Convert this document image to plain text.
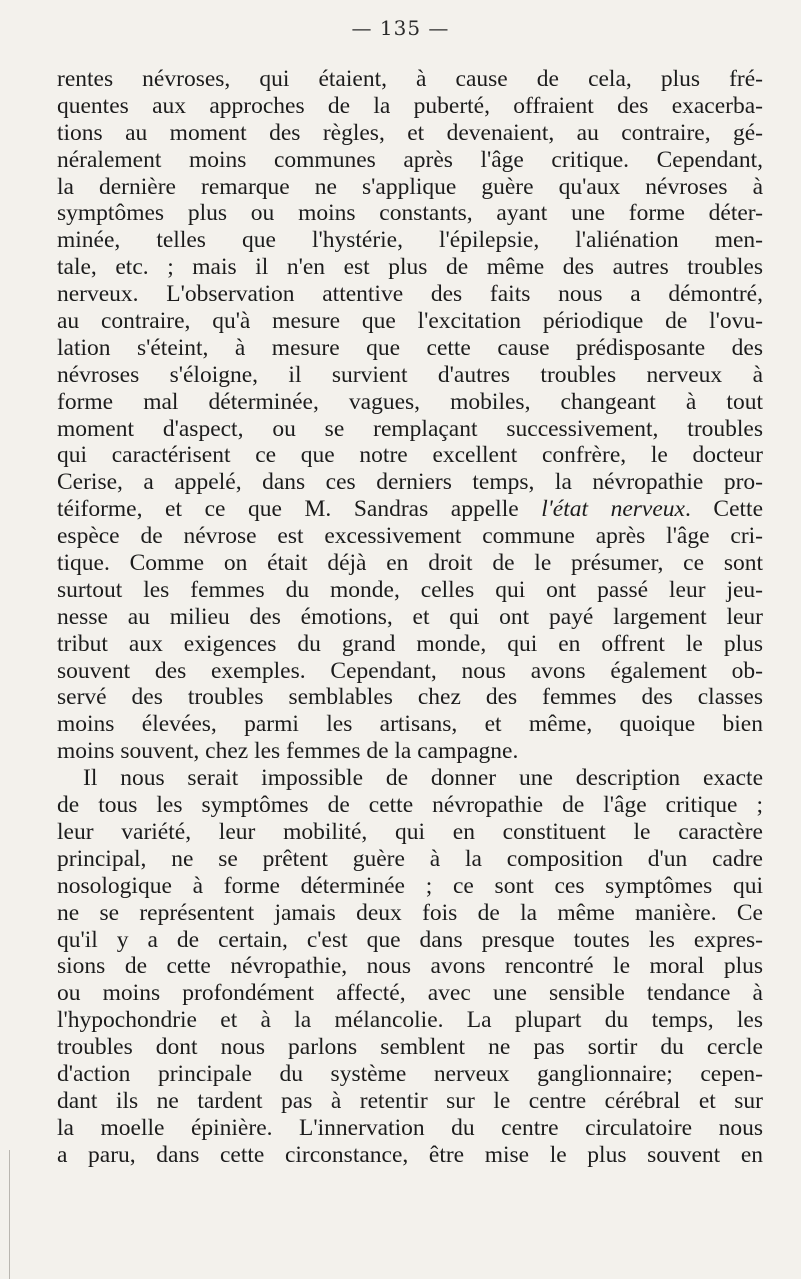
— 135 —
rentes névroses, qui étaient, à cause de cela, plus fré-
quentes aux approches de la puberté, offraient des exacerba-
tions au moment des règles, et devenaient, au contraire, gé-
néralement moins communes après l'âge critique. Cependant,
la dernière remarque ne s'applique guère qu'aux névroses à
symptômes plus ou moins constants, ayant une forme déter-
minée, telles que l'hystérie, l'épilepsie, l'aliénation men-
tale, etc. ; mais il n'en est plus de même des autres troubles
nerveux. L'observation attentive des faits nous a démontré,
au contraire, qu'à mesure que l'excitation périodique de l'ovu-
lation s'éteint, à mesure que cette cause prédisposante des
névroses s'éloigne, il survient d'autres troubles nerveux à
forme mal déterminée, vagues, mobiles, changeant à tout
moment d'aspect, ou se remplaçant successivement, troubles
qui caractérisent ce que notre excellent confrère, le docteur
Cerise, a appelé, dans ces derniers temps, la névropathie pro-
téiforme, et ce que M. Sandras appelle l'état nerveux. Cette
espèce de névrose est excessivement commune après l'âge cri-
tique. Comme on était déjà en droit de le présumer, ce sont
surtout les femmes du monde, celles qui ont passé leur jeu-
nesse au milieu des émotions, et qui ont payé largement leur
tribut aux exigences du grand monde, qui en offrent le plus
souvent des exemples. Cependant, nous avons également ob-
servé des troubles semblables chez des femmes des classes
moins élevées, parmi les artisans, et même, quoique bien
moins souvent, chez les femmes de la campagne.
Il nous serait impossible de donner une description exacte
de tous les symptômes de cette névropathie de l'âge critique ;
leur variété, leur mobilité, qui en constituent le caractère
principal, ne se prêtent guère à la composition d'un cadre
nosologique à forme déterminée ; ce sont ces symptômes qui
ne se représentent jamais deux fois de la même manière. Ce
qu'il y a de certain, c'est que dans presque toutes les expres-
sions de cette névropathie, nous avons rencontré le moral plus
ou moins profondément affecté, avec une sensible tendance à
l'hypochondrie et à la mélancolie. La plupart du temps, les
troubles dont nous parlons semblent ne pas sortir du cercle
d'action principale du système nerveux ganglionnaire; cepen-
dant ils ne tardent pas à retentir sur le centre cérébral et sur
la moelle épinière. L'innervation du centre circulatoire nous
a paru, dans cette circonstance, être mise le plus souvent en
